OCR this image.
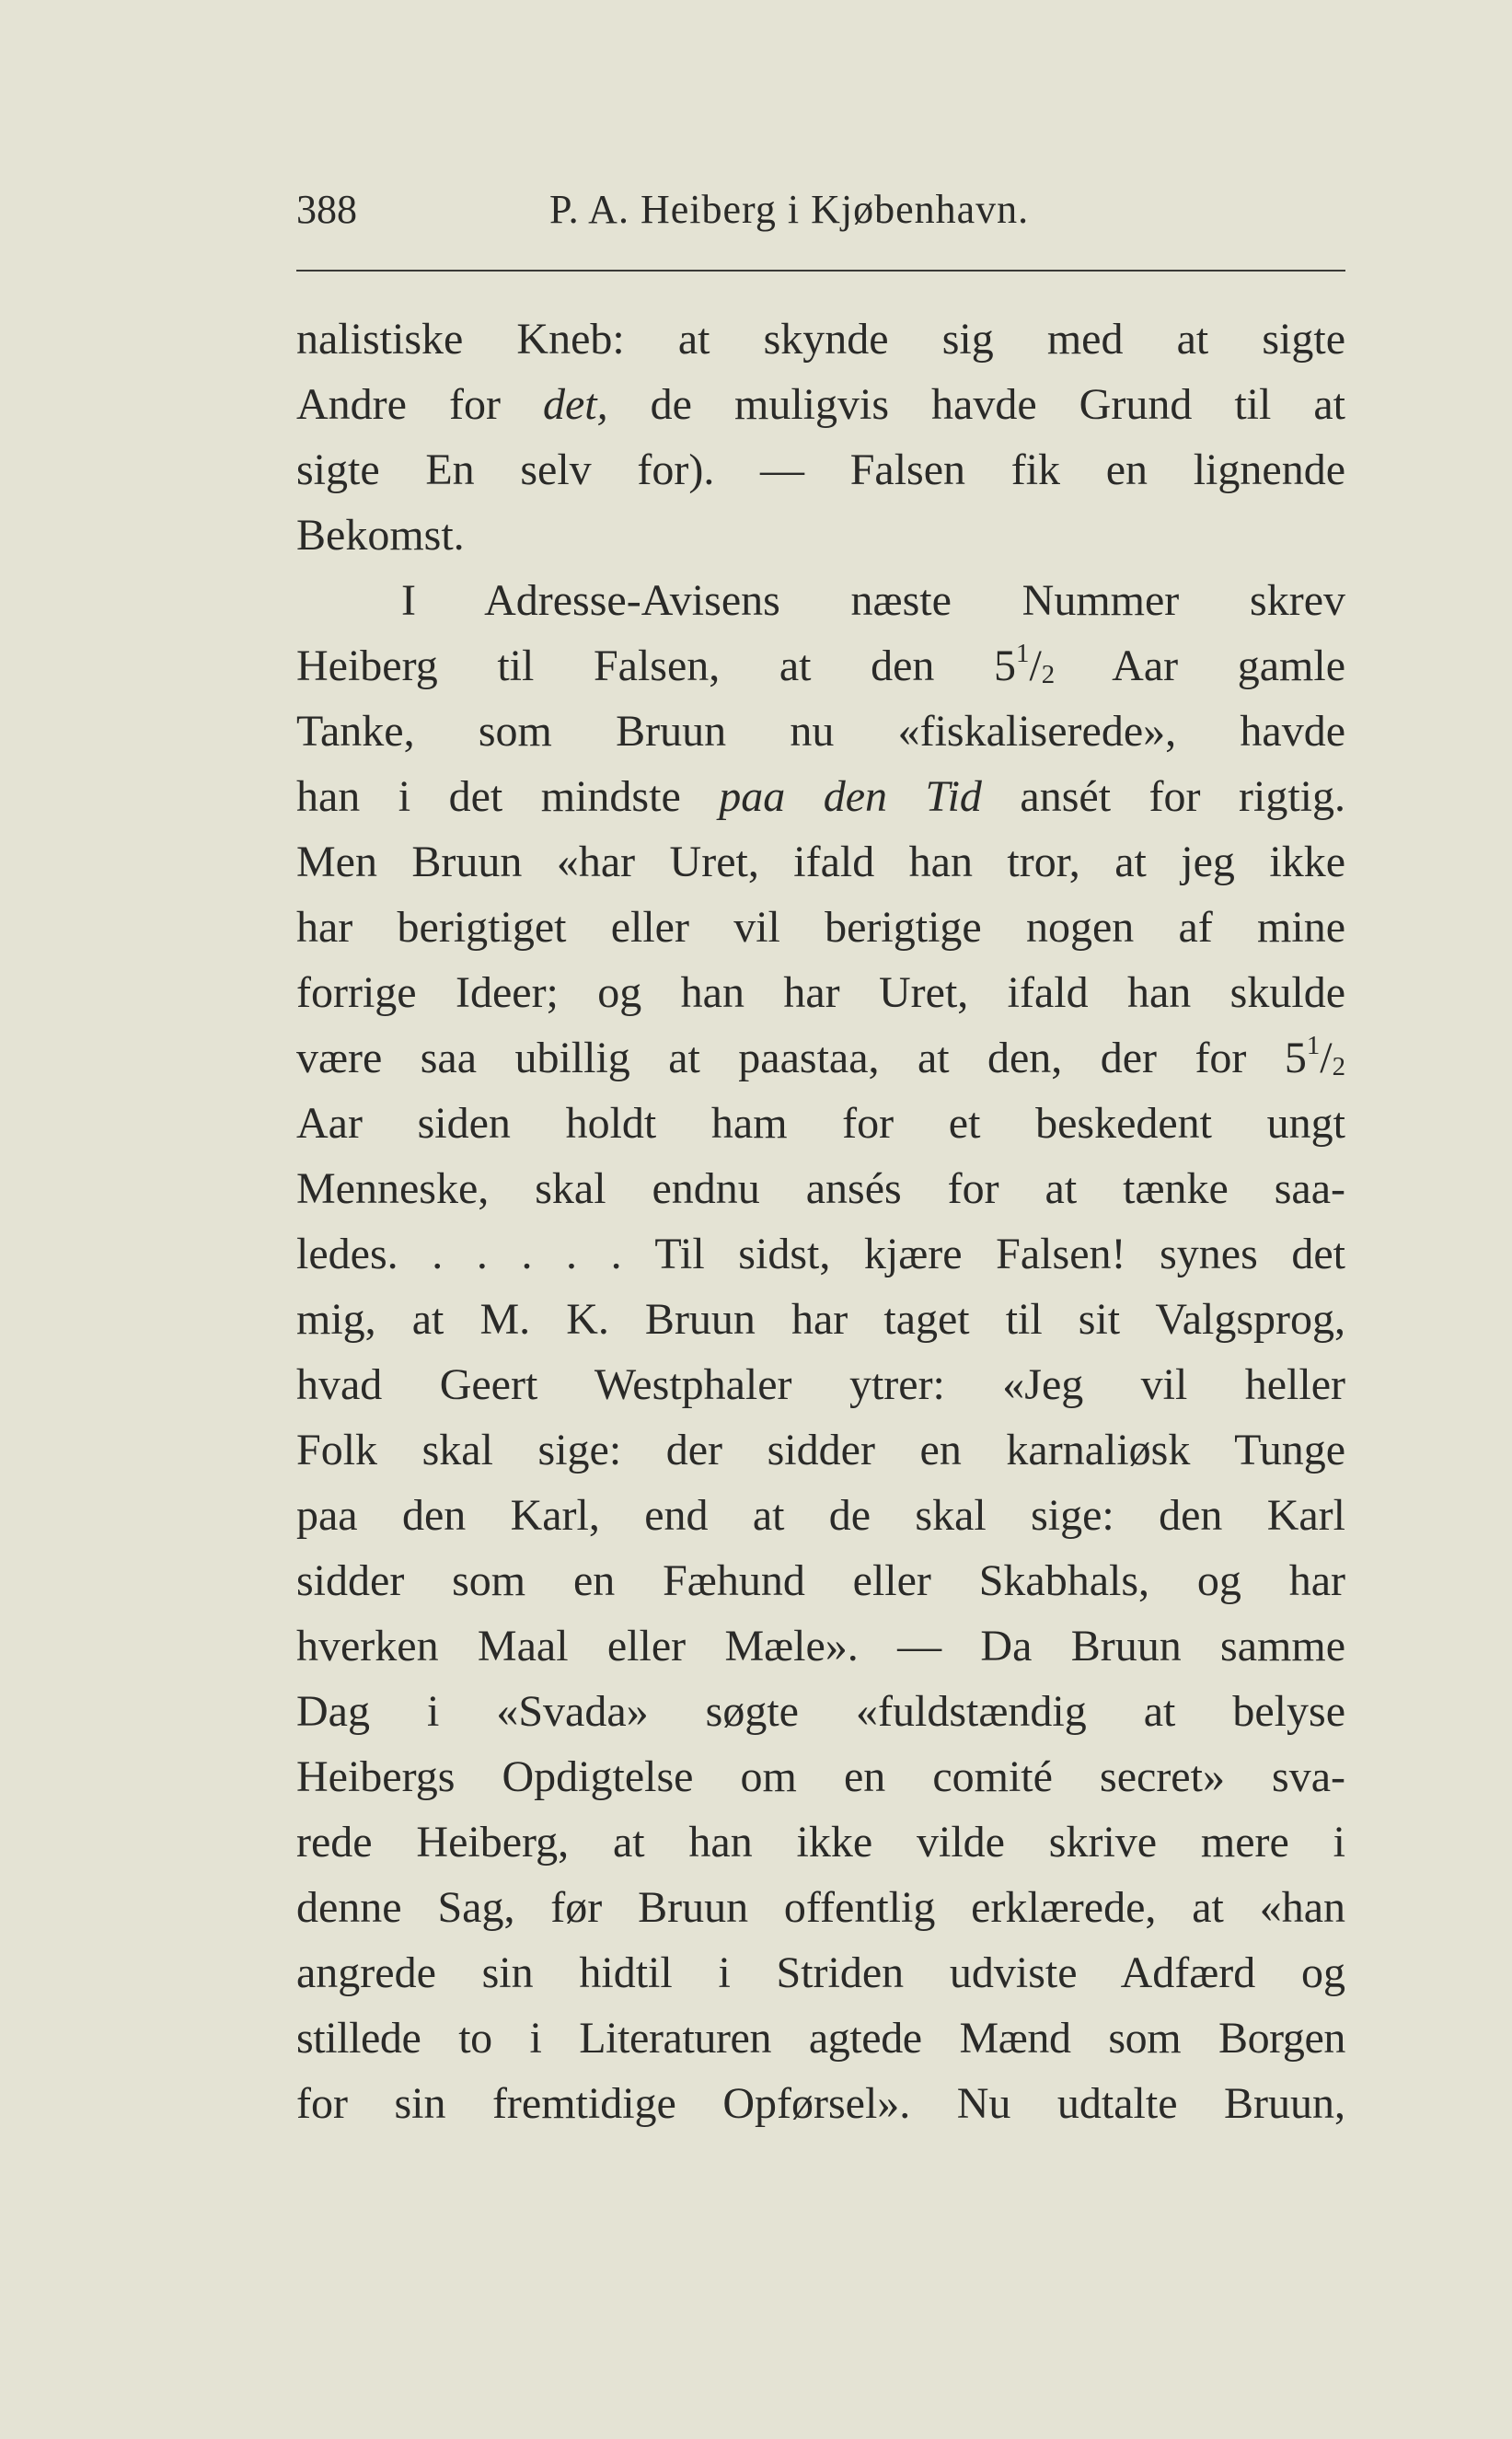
388	P. A. Heiberg i Kjøbenhavn.
nalistiske Kneb: at skynde sig med at sigte
Andre for det, de muligvis havde Grund til at
sigte En selv for). — Falsen fik en lignende
Bekomst.
I Adresse-Avisens næste Nummer skrev
Heiberg til Falsen, at den $5^1/_2$ Aar gamle
Tanke, som Bruun nu «fiskaliserede», havde
han i det mindste paa den Tid ansét for rigtig.
Men Bruun «har Uret, ifald han tror, at jeg ikke
har berigtiget eller vil berigtige nogen af mine
forrige Ideer; og han har Uret, ifald han skulde
være saa ubillig at paastaa, at den, der for $5^1/_2$
Aar siden holdt ham for et beskedent ungt
Menneske, skal endnu ansés for at tænke saa-
ledes. . . . . . Til sidst, kjære Falsen! synes det
mig, at M. K. Bruun har taget til sit Valgsprog,
hvad Geert Westphaler ytrer: «Jeg vil heller
Folk skal sige: der sidder en karnaliøsk Tunge
paa den Karl, end at de skal sige: den Karl
sidder som en Fæhund eller Skabhals, og har
hverken Maal eller Mæle». — Da Bruun samme
Dag i «Svada» søgte «fuldstændig at belyse
Heibergs Opdigtelse om en comité secret» sva-
rede Heiberg, at han ikke vilde skrive mere i
denne Sag, før Bruun offentlig erklærede, at «han
angrede sin hidtil i Striden udviste Adfærd og
stillede to i Literaturen agtede Mænd som Borgen
for sin fremtidige Opførsel». Nu udtalte Bruun,
